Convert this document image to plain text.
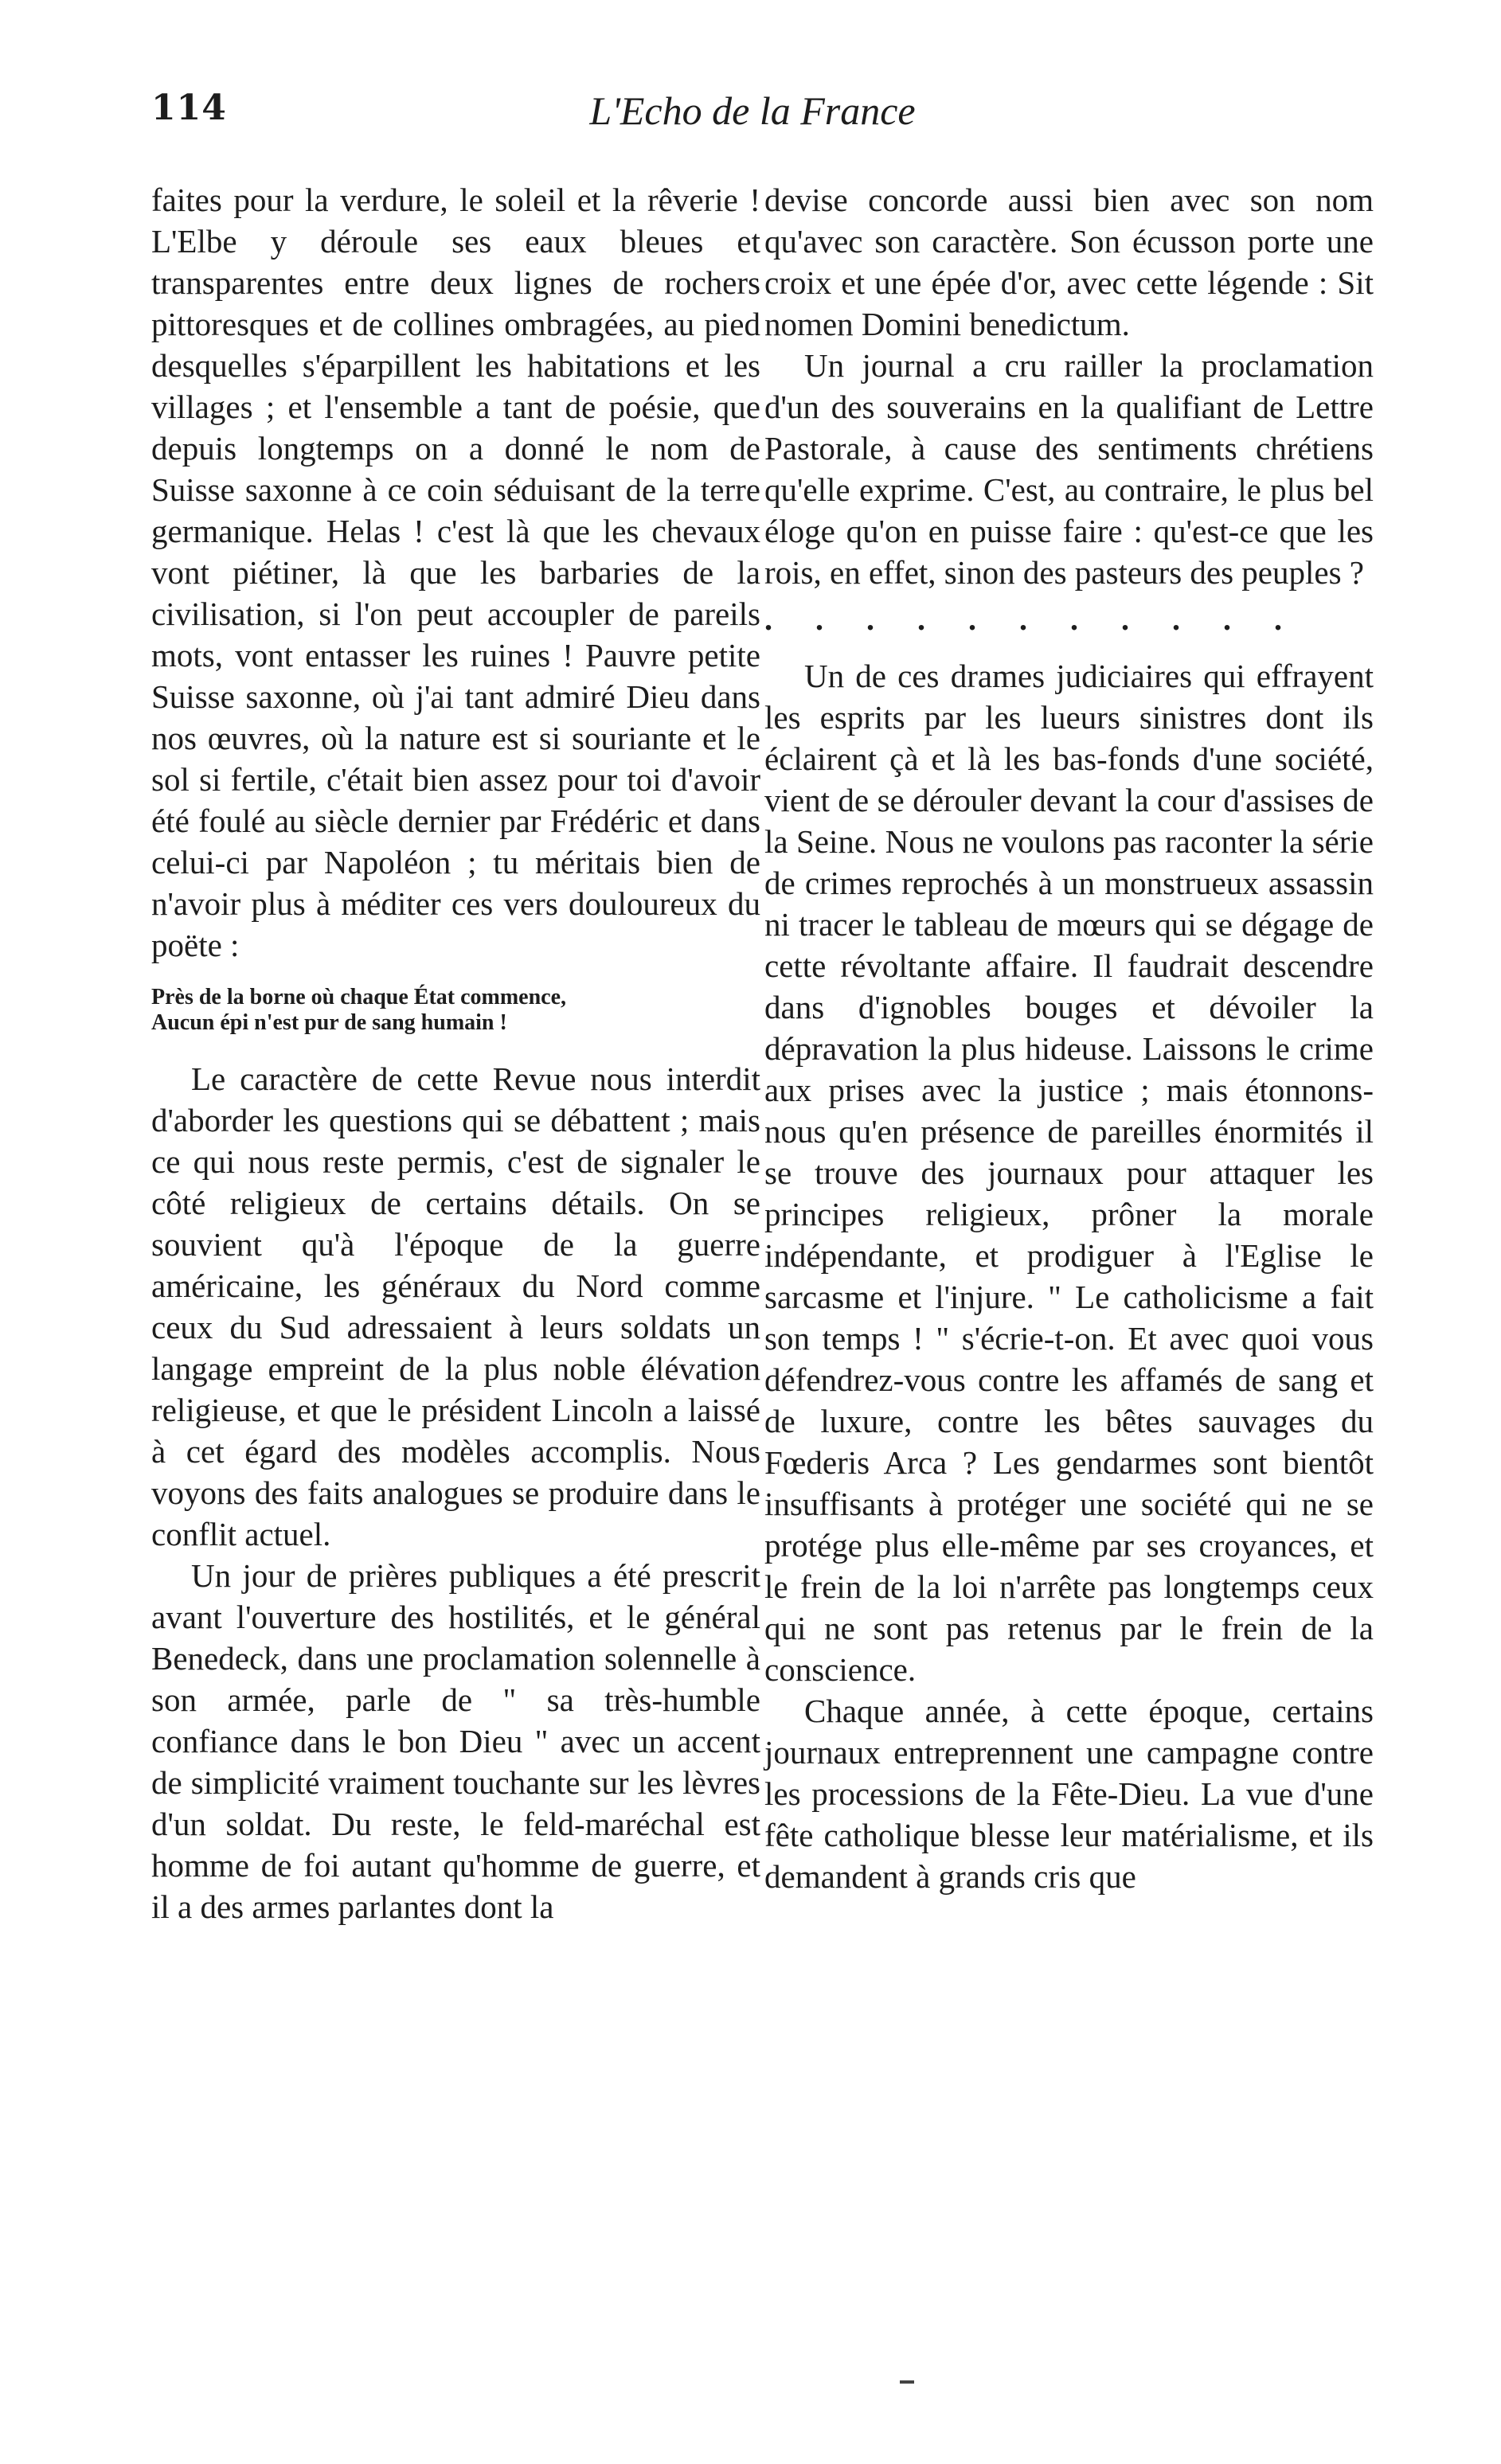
114	L'Echo de la France

faites pour la verdure, le soleil et la rêverie ! L'Elbe y déroule ses eaux bleues et transparentes entre deux lignes de rochers pittoresques et de collines ombragées, au pied desquelles s'éparpillent les habitations et les villages ; et l'ensemble a tant de poésie, que depuis longtemps on a donné le nom de Suisse saxonne à ce coin séduisant de la terre germanique. Helas ! c'est là que les chevaux vont piétiner, là que les barbaries de la civilisation, si l'on peut accoupler de pareils mots, vont entasser les ruines ! Pauvre petite Suisse saxonne, où j'ai tant admiré Dieu dans nos œuvres, où la nature est si souriante et le sol si fertile, c'était bien assez pour toi d'avoir été foulé au siècle dernier par Frédéric et dans celui-ci par Napoléon ; tu méritais bien de n'avoir plus à méditer ces vers douloureux du poëte :

Près de la borne où chaque État commence,
Aucun épi n'est pur de sang humain !

Le caractère de cette Revue nous interdit d'aborder les questions qui se débattent ; mais ce qui nous reste permis, c'est de signaler le côté religieux de certains détails. On se souvient qu'à l'époque de la guerre américaine, les généraux du Nord comme ceux du Sud adressaient à leurs soldats un langage empreint de la plus noble élévation religieuse, et que le président Lincoln a laissé à cet égard des modèles accomplis. Nous voyons des faits analogues se produire dans le conflit actuel.

Un jour de prières publiques a été prescrit avant l'ouverture des hostilités, et le général Benedeck, dans une proclamation solennelle à son armée, parle de " sa très-humble confiance dans le bon Dieu " avec un accent de simplicité vraiment touchante sur les lèvres d'un soldat. Du reste, le feld-maréchal est homme de foi autant qu'homme de guerre, et il a des armes parlantes dont la

devise concorde aussi bien avec son nom qu'avec son caractère. Son écusson porte une croix et une épée d'or, avec cette légende : Sit nomen Domini benedictum.

Un journal a cru railler la proclamation d'un des souverains en la qualifiant de Lettre Pastorale, à cause des sentiments chrétiens qu'elle exprime. C'est, au contraire, le plus bel éloge qu'on en puisse faire : qu'est-ce que les rois, en effet, sinon des pasteurs des peuples ?

. . . . . . . . . . .

Un de ces drames judiciaires qui effrayent les esprits par les lueurs sinistres dont ils éclairent çà et là les bas-fonds d'une société, vient de se dérouler devant la cour d'assises de la Seine. Nous ne voulons pas raconter la série de crimes reprochés à un monstrueux assassin ni tracer le tableau de mœurs qui se dégage de cette révoltante affaire. Il faudrait descendre dans d'ignobles bouges et dévoiler la dépravation la plus hideuse. Laissons le crime aux prises avec la justice ; mais étonnons-nous qu'en présence de pareilles énormités il se trouve des journaux pour attaquer les principes religieux, prôner la morale indépendante, et prodiguer à l'Eglise le sarcasme et l'injure. " Le catholicisme a fait son temps ! " s'écrie-t-on. Et avec quoi vous défendrez-vous contre les affamés de sang et de luxure, contre les bêtes sauvages du Fœderis Arca ? Les gendarmes sont bientôt insuffisants à protéger une société qui ne se protége plus elle-même par ses croyances, et le frein de la loi n'arrête pas longtemps ceux qui ne sont pas retenus par le frein de la conscience.

Chaque année, à cette époque, certains journaux entreprennent une campagne contre les processions de la Fête-Dieu. La vue d'une fête catholique blesse leur matérialisme, et ils demandent à grands cris que
